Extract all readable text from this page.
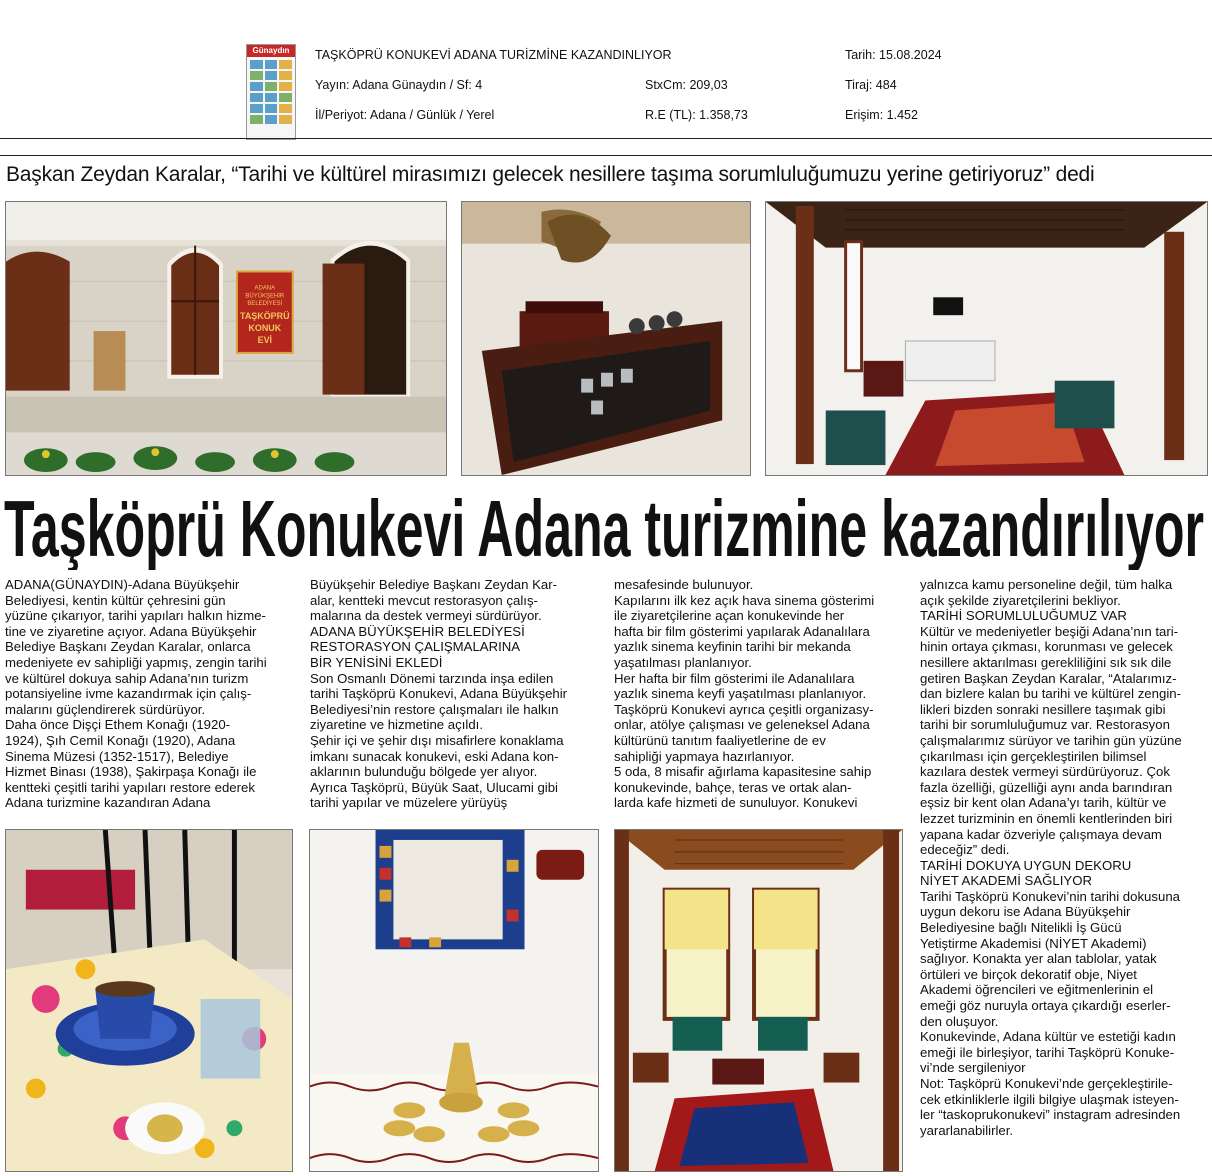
Günaydın	TAŞKÖPRÜ KONUKEVİ ADANA TURİZMİNE KAZANDINLIYOR	Tarih: 15.08.2024
Yayın: Adana Günaydın / Sf: 4	StxCm: 209,03	Tiraj: 484
İl/Periyot: Adana / Günlük / Yerel	R.E (TL): 1.358,73	Erişim: 1.452
Başkan Zeydan Karalar, “Tarihi ve kültürel mirasımızı gelecek nesillere taşıma sorumluluğumuzu yerine getiriyoruz” dedi
ADANA
BÜYÜKŞEHİR
BELEDİYESİ
TAŞKÖPRÜ
KONUK
EVİ
Taşköprü Konukevi Adana turizmine kazandırılıyor

ADANA(GÜNAYDIN)-Adana Büyükşehir

Belediyesi, kentin kültür çehresini gün

yüzüne çıkarıyor, tarihi yapıları halkın hizme-

tine ve ziyaretine açıyor. Adana Büyükşehir

Belediye Başkanı Zeydan Karalar, onlarca

medeniyete ev sahipliği yapmış, zengin tarihi

ve kültürel dokuya sahip Adana’nın turizm

potansiyeline ivme kazandırmak için çalış-

malarını güçlendirerek sürdürüyor.

Daha önce Dişçi Ethem Konağı (1920-

1924), Şıh Cemil Konağı (1920), Adana

Sinema Müzesi (1352-1517), Belediye

Hizmet Binası (1938), Şakirpaşa Konağı ile

kentteki çeşitli tarihi yapıları restore ederek

Adana turizmine kazandıran Adana

Büyükşehir Belediye Başkanı Zeydan Kar-

alar, kentteki mevcut restorasyon çalış-

malarına da destek vermeyi sürdürüyor.

ADANA BÜYÜKŞEHİR BELEDİYESİ

RESTORASYON ÇALIŞMALARINA

BİR YENİSİNİ EKLEDİ

Son Osmanlı Dönemi tarzında inşa edilen

tarihi Taşköprü Konukevi, Adana Büyükşehir

Belediyesi’nin restore çalışmaları ile halkın

ziyaretine ve hizmetine açıldı.

Şehir içi ve şehir dışı misafirlere konaklama

imkanı sunacak konukevi, eski Adana kon-

aklarının bulunduğu bölgede yer alıyor.

Ayrıca Taşköprü, Büyük Saat, Ulucami gibi

tarihi yapılar ve müzelere yürüyüş

mesafesinde bulunuyor.

Kapılarını ilk kez açık hava sinema gösterimi

ile ziyaretçilerine açan konukevinde her

hafta bir film gösterimi yapılarak Adanalılara

yazlık sinema keyfinin tarihi bir mekanda

yaşatılması planlanıyor.

Her hafta bir film gösterimi ile Adanalılara

yazlık sinema keyfi yaşatılması planlanıyor.

Taşköprü Konukevi ayrıca çeşitli organizasy-

onlar, atölye çalışması ve geleneksel Adana

kültürünü tanıtım faaliyetlerine de ev

sahipliği yapmaya hazırlanıyor.

5 oda, 8 misafir ağırlama kapasitesine sahip

konukevinde, bahçe, teras ve ortak alan-

larda kafe hizmeti de sunuluyor. Konukevi

yalnızca kamu personeline değil, tüm halka

açık şekilde ziyaretçilerini bekliyor.

TARİHİ SORUMLULUĞUMUZ VAR

Kültür ve medeniyetler beşiği Adana’nın tari-

hinin ortaya çıkması, korunması ve gelecek

nesillere aktarılması gerekliliğini sık sık dile

getiren Başkan Zeydan Karalar, “Atalarımız-

dan bizlere kalan bu tarihi ve kültürel zengin-

likleri bizden sonraki nesillere taşımak gibi

tarihi bir sorumluluğumuz var. Restorasyon

çalışmalarımız sürüyor ve tarihin gün yüzüne

çıkarılması için gerçekleştirilen bilimsel

kazılara destek vermeyi sürdürüyoruz. Çok

fazla özelliği, güzelliği aynı anda barındıran

eşsiz bir kent olan Adana’yı tarih, kültür ve

lezzet turizminin en önemli kentlerinden biri

yapana kadar özveriyle çalışmaya devam

edeceğiz” dedi.

TARİHİ DOKUYA UYGUN DEKORU

NİYET AKADEMİ SAĞLIYOR

Tarihi Taşköprü Konukevi’nin tarihi dokusuna

uygun dekoru ise Adana Büyükşehir

Belediyesine bağlı Nitelikli İş Gücü

Yetiştirme Akademisi (NİYET Akademi)

sağlıyor. Konakta yer alan tablolar, yatak

örtüleri ve birçok dekoratif obje, Niyet

Akademi öğrencileri ve eğitmenlerinin el

emeği göz nuruyla ortaya çıkardığı eserler-

den oluşuyor.

Konukevinde, Adana kültür ve estetiği kadın

emeği ile birleşiyor, tarihi Taşköprü Konuke-

vi’nde sergileniyor

Not: Taşköprü Konukevi’nde gerçekleştirile-

cek etkinliklerle ilgili bilgiye ulaşmak isteyen-

ler “taskoprukonukevi” instagram adresinden

yararlanabilirler.
